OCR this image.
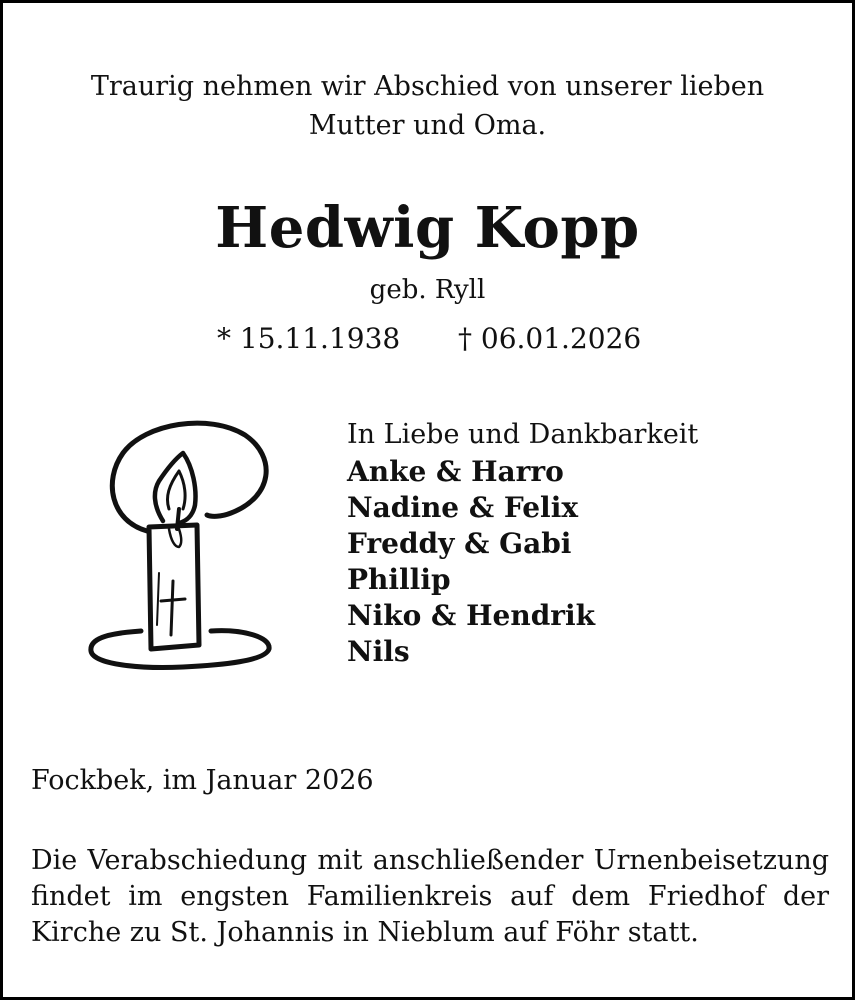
Traurig nehmen wir Abschied von unserer lieben
Mutter und Oma.
Hedwig Kopp
geb. Ryll
* 15.11.1938 † 06.01.2026
In Liebe und Dankbarkeit
Anke & Harro
Nadine & Felix
Freddy & Gabi
Phillip
Niko & Hendrik
Nils
Fockbek, im Januar 2026
Die Verabschiedung mit anschließender Urnenbeisetzung
findet im engsten Familienkreis auf dem Friedhof der
Kirche zu St. Johannis in Nieblum auf Föhr statt.
